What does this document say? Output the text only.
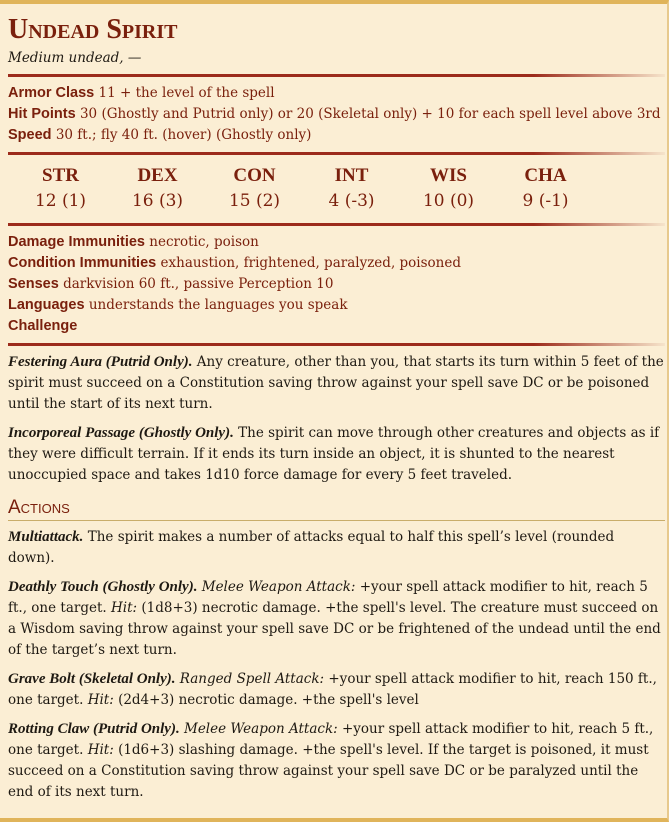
Undead Spirit
Medium undead, —
Armor Class 11 + the level of the spell
Hit Points 30 (Ghostly and Putrid only) or 20 (Skeletal only) + 10 for each spell level above 3rd
Speed 30 ft.; fly 40 ft. (hover) (Ghostly only)
STR
12 (1)
DEX
16 (3)
CON
15 (2)
INT
4 (-3)
WIS
10 (0)
CHA
9 (-1)
Damage Immunities necrotic, poison
Condition Immunities exhaustion, frightened, paralyzed, poisoned
Senses darkvision 60 ft., passive Perception 10
Languages understands the languages you speak
Challenge

Festering Aura (Putrid Only). Any creature, other than you, that starts its turn within 5 feet of the spirit must succeed on a Constitution saving throw against your spell save DC or be poisoned until the start of its next turn.

Incorporeal Passage (Ghostly Only). The spirit can move through other creatures and objects as if they were difficult terrain. If it ends its turn inside an object, it is shunted to the nearest unoccupied space and takes 1d10 force damage for every 5 feet traveled.

Actions

Multiattack. The spirit makes a number of attacks equal to half this spell’s level (rounded down).

Deathly Touch (Ghostly Only). Melee Weapon Attack: +your spell attack modifier to hit, reach 5 ft., one target. Hit: (1d8+3) necrotic damage. +the spell's level. The creature must succeed on a Wisdom saving throw against your spell save DC or be frightened of the undead until the end of the target’s next turn.

Grave Bolt (Skeletal Only). Ranged Spell Attack: +your spell attack modifier to hit, reach 150 ft., one target. Hit: (2d4+3) necrotic damage. +the spell's level

Rotting Claw (Putrid Only). Melee Weapon Attack: +your spell attack modifier to hit, reach 5 ft., one target. Hit: (1d6+3) slashing damage. +the spell's level. If the target is poisoned, it must succeed on a Constitution saving throw against your spell save DC or be paralyzed until the end of its next turn.
